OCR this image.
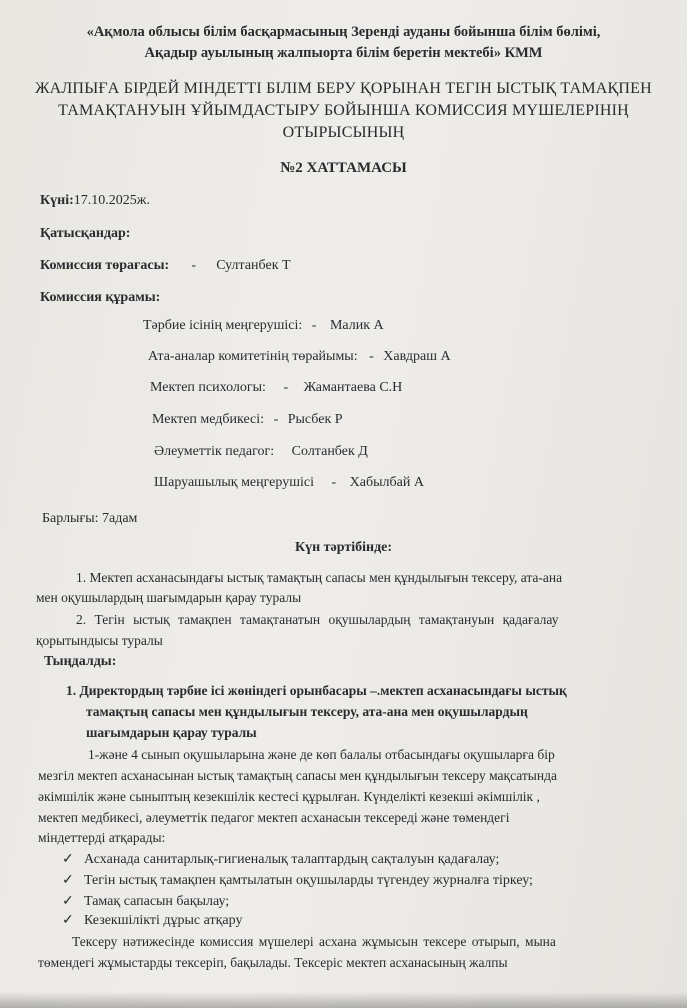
«Ақмола облысы білім басқармасының Зеренді ауданы бойынша білім бөлімі,
Ақадыр ауылының жалпыорта білім беретін мектебі» КММ
ЖАЛПЫҒА БІРДЕЙ МІНДЕТТІ БІЛІМ БЕРУ ҚОРЫНАН ТЕГІН ЫСТЫҚ ТАМАҚПЕН
ТАМАҚТАНУЫН ҰЙЫМДАСТЫРУ БОЙЫНША КОМИССИЯ МҮШЕЛЕРІНІҢ
ОТЫРЫСЫНЫҢ
№2 ХАТТАМАСЫ
Күні:17.10.2025ж.
Қатысқандар:
Комиссия төрағасы: - Султанбек Т
Комиссия құрамы:
Тәрбие ісінің меңгерушісі: - Малик А
Ата-аналар комитетінің төрайымы: - Хавдраш А
Мектеп психологы: - Жамантаева С.Н
Мектеп медбикесі: - Рысбек Р
Әлеуметтік педагог: Солтанбек Д
Шаруашылық меңгерушісі - Хабылбай А
Барлығы: 7адам
Күн тәртібінде:
1. Мектеп асханасындағы ыстық тамақтың сапасы мен құндылығын тексеру, ата-ана
мен оқушылардың шағымдарын қарау туралы
2. Тегін ыстық тамақпен тамақтанатын оқушылардың тамақтануын қадағалау
қорытындысы туралы
Тыңдалды:
1. Директордың тәрбие ісі жөніндегі орынбасары –.мектеп асханасындағы ыстық
тамақтың сапасы мен құндылығын тексеру, ата-ана мен оқушылардың
шағымдарын қарау туралы
1-және 4 сынып оқушыларына және де көп балалы отбасындағы оқушыларға бір
мезгіл мектеп асханасынан ыстық тамақтың сапасы мен құндылығын тексеру мақсатында
әкімшілік және сыныптың кезекшілік кестесі құрылған. Күнделікті кезекші әкімшілік ,
мектеп медбикесі, әлеуметтік педагог мектеп асханасын тексереді және төмендегі
міндеттерді атқарады:
✓ Асханада санитарлық-гигиеналық талаптардың сақталуын қадағалау;
✓ Тегін ыстық тамақпен қамтылатын оқушыларды түгендеу журналға тіркеу;
✓ Тамақ сапасын бақылау;
✓ Кезекшілікті дұрыс атқару
Тексеру нәтижесінде комиссия мүшелері асхана жұмысын тексере отырып, мына
төмендегі жұмыстарды тексеріп, бақылады. Тексеріс мектеп асханасының жалпы
